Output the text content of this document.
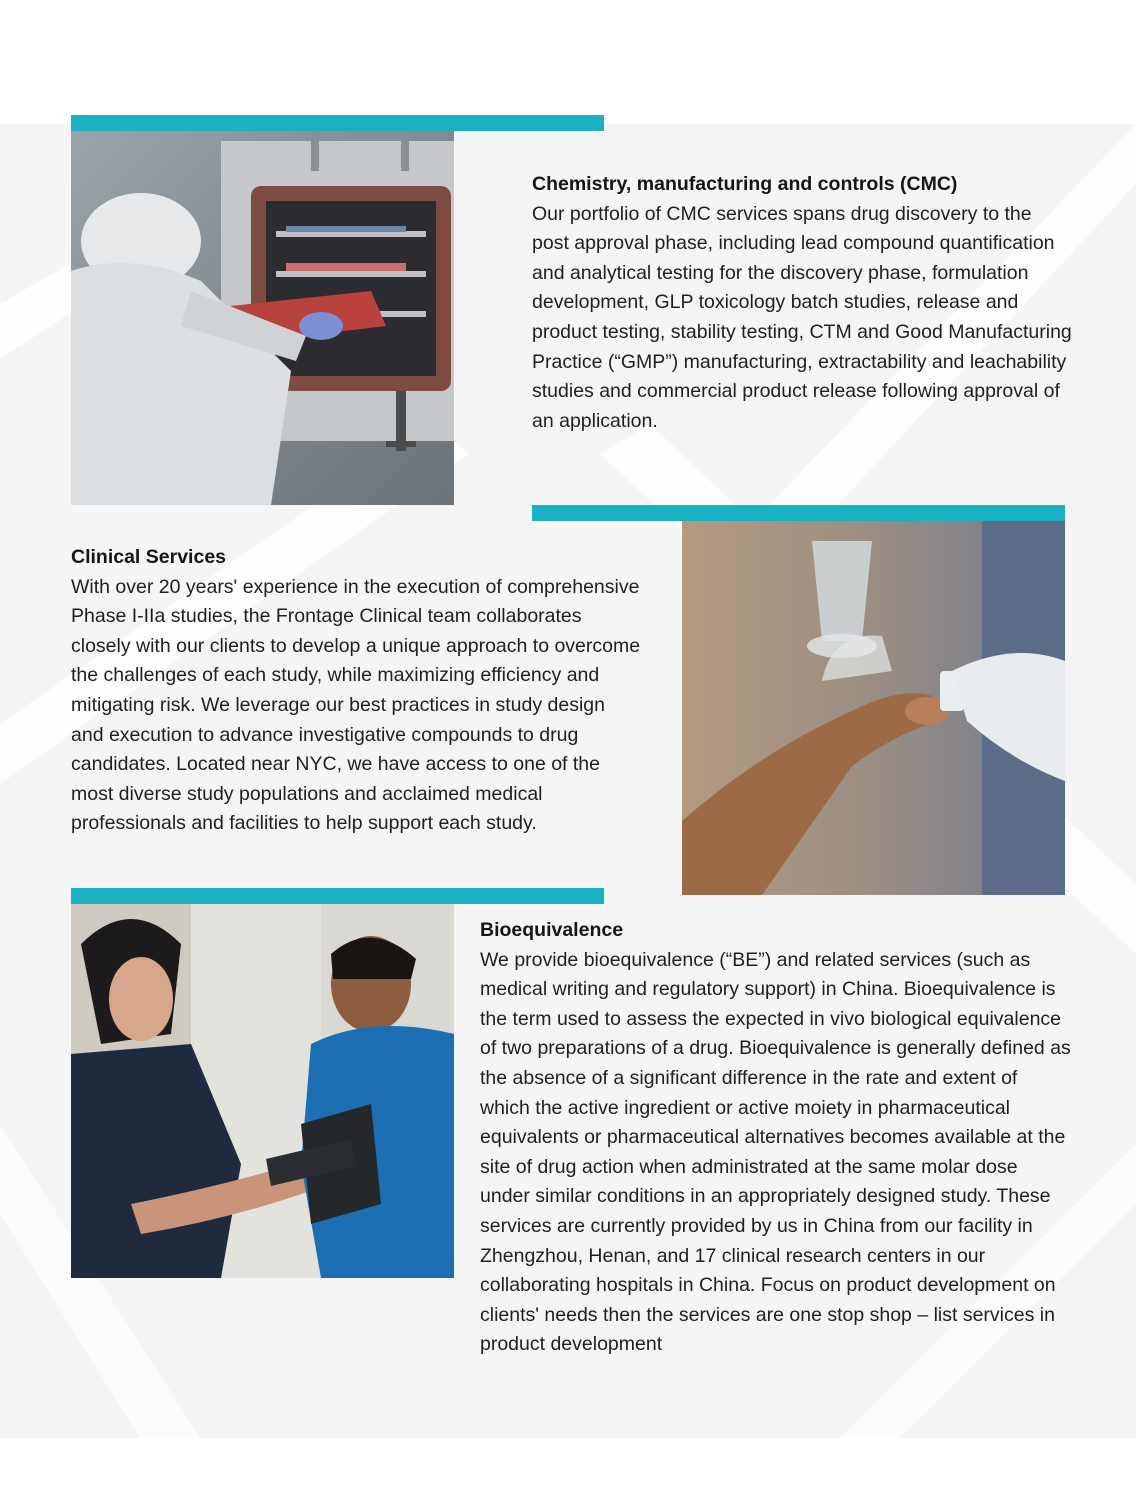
Chemistry, manufacturing and controls (CMC)

Our portfolio of CMC services spans drug discovery to the post approval phase, including lead compound quantification and analytical testing for the discovery phase, formulation development, GLP toxicology batch studies, release and product testing, stability testing, CTM and Good Manufacturing Practice (“GMP”) manufacturing, extractability and leachability studies and commercial product release following approval of an application.

Clinical Services

With over 20 years' experience in the execution of comprehensive Phase I-IIa studies, the Frontage Clinical team collaborates closely with our clients to develop a unique approach to overcome the challenges of each study, while maximizing efficiency and mitigating risk. We leverage our best practices in study design and execution to advance investigative compounds to drug candidates. Located near NYC, we have access to one of the most diverse study populations and acclaimed medical professionals and facilities to help support each study.

Bioequivalence

We provide bioequivalence (“BE”) and related services (such as medical writing and regulatory support) in China. Bioequivalence is the term used to assess the expected in vivo biological equivalence of two preparations of a drug. Bioequivalence is generally defined as the absence of a significant difference in the rate and extent of which the active ingredient or active moiety in pharmaceutical equivalents or pharmaceutical alternatives becomes available at the site of drug action when administrated at the same molar dose under similar conditions in an appropriately designed study. These services are currently provided by us in China from our facility in Zhengzhou, Henan, and 17 clinical research centers in our collaborating hospitals in China. Focus on product development on clients' needs then the services are one stop shop – list services in product development
